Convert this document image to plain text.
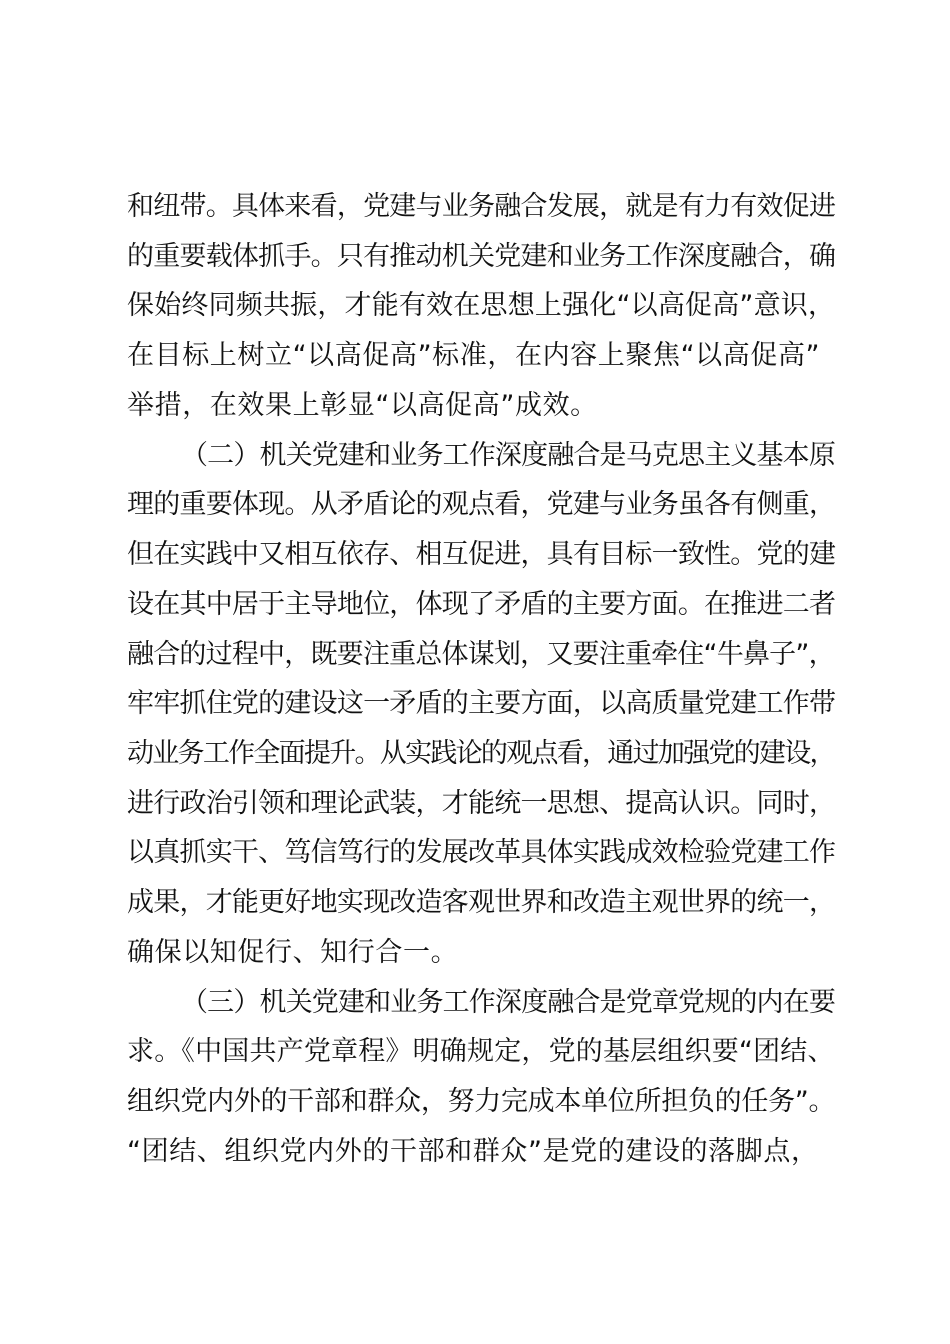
和纽带。具体来看，党建与业务融合发展，就是有力有效促进
的重要载体抓手。只有推动机关党建和业务工作深度融合，确
保始终同频共振，才能有效在思想上强化“以高促高”意识，
在目标上树立“以高促高”标准，在内容上聚焦“以高促高”
举措，在效果上彰显“以高促高”成效。
（二）机关党建和业务工作深度融合是马克思主义基本原
理的重要体现。从矛盾论的观点看，党建与业务虽各有侧重，
但在实践中又相互依存、相互促进，具有目标一致性。党的建
设在其中居于主导地位，体现了矛盾的主要方面。在推进二者
融合的过程中，既要注重总体谋划，又要注重牵住“牛鼻子”，
牢牢抓住党的建设这一矛盾的主要方面，以高质量党建工作带
动业务工作全面提升。从实践论的观点看，通过加强党的建设，
进行政治引领和理论武装，才能统一思想、提高认识。同时，
以真抓实干、笃信笃行的发展改革具体实践成效检验党建工作
成果，才能更好地实现改造客观世界和改造主观世界的统一，
确保以知促行、知行合一。
（三）机关党建和业务工作深度融合是党章党规的内在要
求。《中国共产党章程》明确规定，党的基层组织要“团结、
组织党内外的干部和群众，努力完成本单位所担负的任务”。
“团结、组织党内外的干部和群众”是党的建设的落脚点，
